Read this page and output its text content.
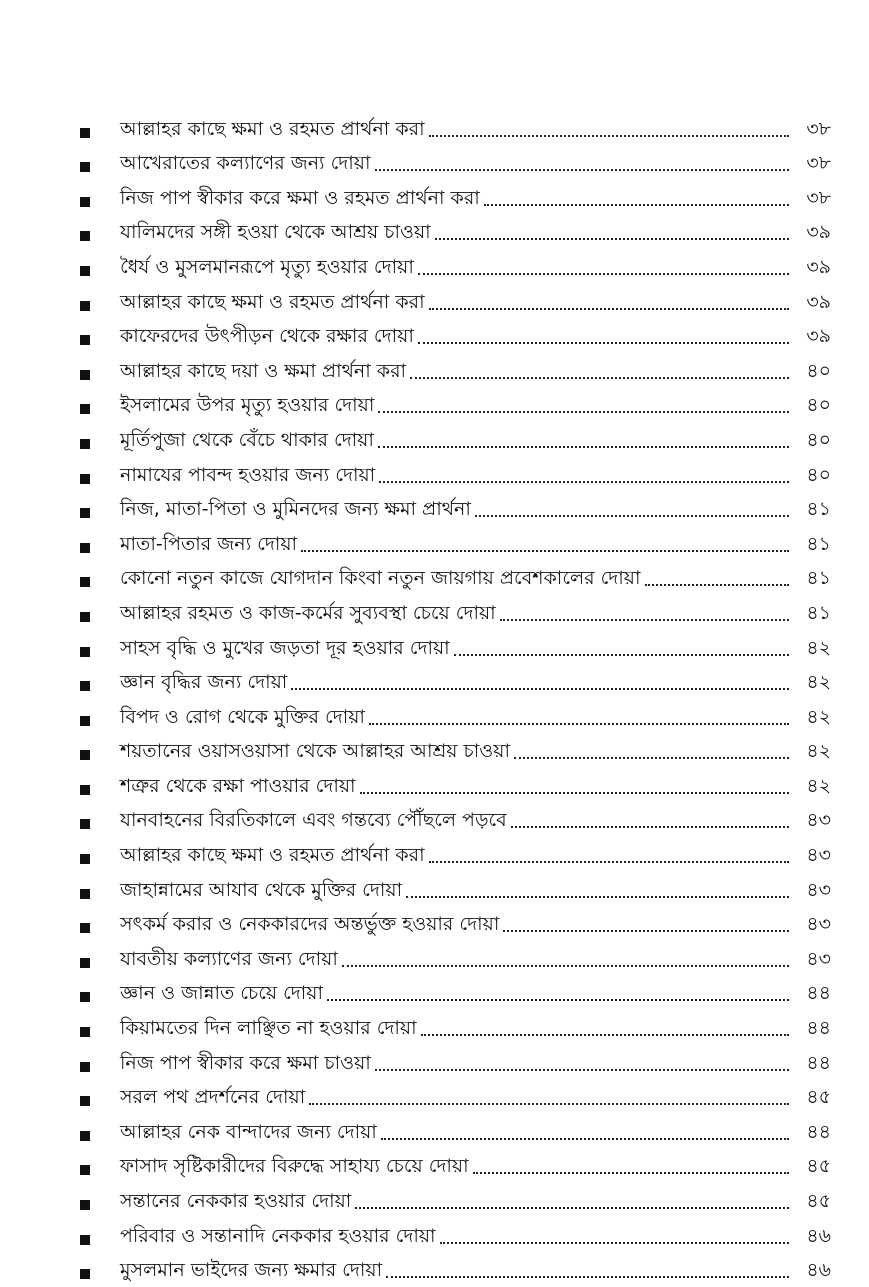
আল্লাহর কাছে ক্ষমা ও রহমত প্রার্থনা করা	৩৮
আখেরাতের কল্যাণের জন্য দোয়া	৩৮
নিজ পাপ স্বীকার করে ক্ষমা ও রহমত প্রার্থনা করা	৩৮
যালিমদের সঙ্গী হওয়া থেকে আশ্রয় চাওয়া	৩৯
ধৈর্য ও মুসলমানরূপে মৃত্যু হওয়ার দোয়া	৩৯
আল্লাহর কাছে ক্ষমা ও রহমত প্রার্থনা করা	৩৯
কাফেরদের উৎপীড়ন থেকে রক্ষার দোয়া	৩৯
আল্লাহর কাছে দয়া ও ক্ষমা প্রার্থনা করা	৪০
ইসলামের উপর মৃত্যু হওয়ার দোয়া	৪০
মূর্তিপুজা থেকে বেঁচে থাকার দোয়া	৪০
নামাযের পাবন্দ হওয়ার জন্য দোয়া	৪০
নিজ, মাতা-পিতা ও মুমিনদের জন্য ক্ষমা প্রার্থনা	৪১
মাতা-পিতার জন্য দোয়া	৪১
কোনো নতুন কাজে যোগদান কিংবা নতুন জায়গায় প্রবেশকালের দোয়া	৪১
আল্লাহর রহমত ও কাজ-কর্মের সুব্যবস্থা চেয়ে দোয়া	৪১
সাহস বৃদ্ধি ও মুখের জড়তা দূর হওয়ার দোয়া	৪২
জ্ঞান বৃদ্ধির জন্য দোয়া	৪২
বিপদ ও রোগ থেকে মুক্তির দোয়া	৪২
শয়তানের ওয়াসওয়াসা থেকে আল্লাহর আশ্রয় চাওয়া	৪২
শত্রুর থেকে রক্ষা পাওয়ার দোয়া	৪২
যানবাহনের বিরতিকালে এবং গন্তব্যে পৌঁছলে পড়বে	৪৩
আল্লাহর কাছে ক্ষমা ও রহমত প্রার্থনা করা	৪৩
জাহান্নামের আযাব থেকে মুক্তির দোয়া	৪৩
সৎকর্ম করার ও নেককারদের অন্তর্ভুক্ত হওয়ার দোয়া	৪৩
যাবতীয় কল্যাণের জন্য দোয়া	৪৩
জ্ঞান ও জান্নাত চেয়ে দোয়া	৪৪
কিয়ামতের দিন লাঞ্ছিত না হওয়ার দোয়া	৪৪
নিজ পাপ স্বীকার করে ক্ষমা চাওয়া	৪৪
সরল পথ প্রদর্শনের দোয়া	৪৫
আল্লাহর নেক বান্দাদের জন্য দোয়া	৪৪
ফাসাদ সৃষ্টিকারীদের বিরুদ্ধে সাহায্য চেয়ে দোয়া	৪৫
সন্তানের নেককার হওয়ার দোয়া	৪৫
পরিবার ও সন্তানাদি নেককার হওয়ার দোয়া	৪৬
মুসলমান ভাইদের জন্য ক্ষমার দোয়া	৪৬
